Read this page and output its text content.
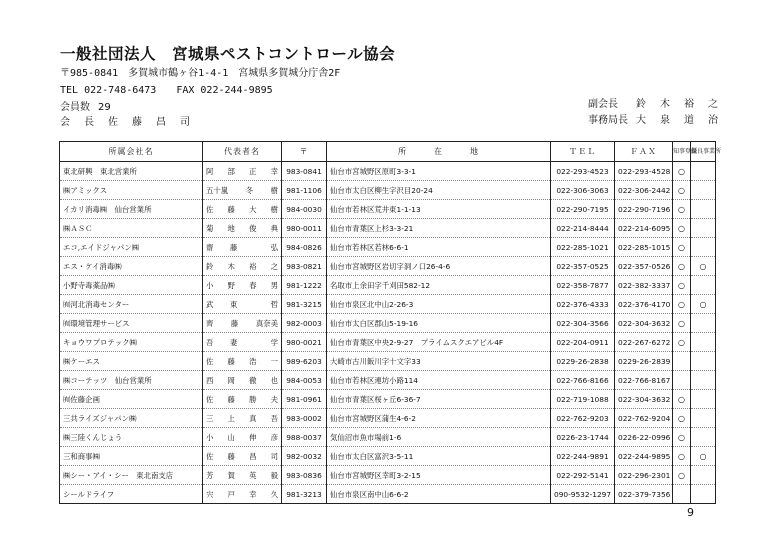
一般社団法人　宮城県ペストコントロール協会
〒985-0841　多賀城市鶴ヶ谷1-4-1　宮城県多賀城分庁舎2F
TEL 022-748-6473　　FAX 022-244-9895
会員数 29
会　長　佐　藤　昌　司
副会長	鈴　木　裕　之
事務局長 大　泉　道　治
所属会社名	代表者名	〒	所　　　在　　　地	ＴＥＬ	ＦＡＸ	知事登録	優良事業所
東北研興　東北営業所	阿 部 正 幸	983-0841	仙台市宮城野区原町3-3-1	022-293-4523	022-293-4528	○	
㈱アミックス	五十嵐 冬 樹	981-1106	仙台市太白区柳生字沢目20-24	022-306-3063	022-306-2442	○	
イカリ消毒㈱　仙台営業所	佐 藤 大 樹	984-0030	仙台市若林区荒井東1-1-13	022-290-7195	022-290-7196	○	
㈱ＡＳＣ	菊 地 俊 典	980-0011	仙台市青葉区上杉3-3-21	022-214-8444	022-214-6095	○	
エコ,エイドジャパン㈱	齋 藤 弘	984-0826	仙台市若林区若林6-6-1	022-285-1021	022-285-1015	○	
エス・ケイ消毒㈱	鈴 木 裕 之	983-0821	仙台市宮城野区岩切字洞ノ口26-4-6	022-357-0525	022-357-0526	○	○
小野寺毒薬品㈱	小 野 春 男	981-1222	名取市上余田字千刈田582-12	022-358-7877	022-382-3337	○	
㈲河北消毒センター	武 東 哲	981-3215	仙台市泉区北中山2-26-3	022-376-4333	022-376-4170	○	○
㈲環境管理サービス	齊 藤 真奈美	982-0003	仙台市太白区郡山5-19-16	022-304-3566	022-304-3632	○	
キョウワプロテック㈱	吾 妻 学	980-0021	仙台市青葉区中央2-9-27　プライムスクエアビル4F	022-204-0911	022-267-6272	○	
㈱ケーエス	佐 藤 浩 一	989-6203	大崎市古川飯川字十文字33	0229-26-2838	0229-26-2839		
㈱コーテッツ　仙台営業所	西 岡 徹 也	984-0053	仙台市若林区連坊小路114	022-766-8166	022-766-8167		
㈲佐藤企画	佐 藤 勝 夫	981-0961	仙台市青葉区桜ヶ丘6-36-7	022-719-1088	022-304-3632	○	
三共ライズジャパン㈱	三 上 真 吾	983-0002	仙台市宮城野区蒲生4-6-2	022-762-9203	022-762-9204	○	
㈱三陸くんじょう	小 山 伸 彦	988-0037	気仙沼市魚市場前1-6	0226-23-1744	0226-22-0996	○	
三和商事㈱	佐 藤 昌 司	982-0032	仙台市太白区富沢3-5-11	022-244-9891	022-244-9895	○	○
㈱シー・アイ・シー　東北南支店	芳 賀 英 毅	983-0836	仙台市宮城野区幸町3-2-15	022-292-5141	022-296-2301	○	
シールドライフ	宍 戸 幸 久	981-3213	仙台市泉区南中山6-6-2	090-9532-1297	022-379-7356		
9
